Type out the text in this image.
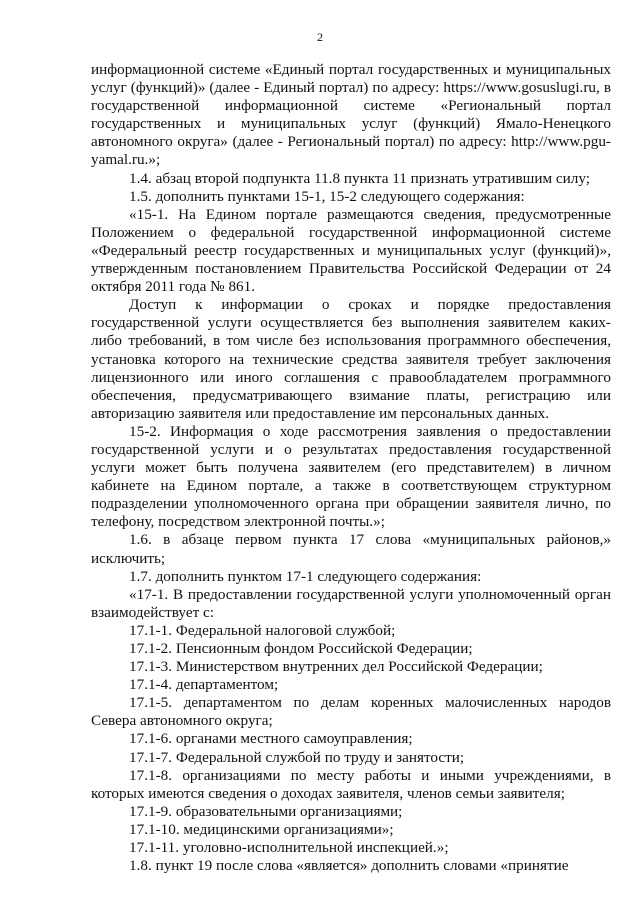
2

информационной системе «Единый портал государственных и муниципальных услуг (функций)» (далее - Единый портал) по адресу: https://www.gosuslugi.ru, в государственной информационной системе «Региональный портал государственных и муниципальных услуг (функций) Ямало-Ненецкого автономного округа» (далее - Региональный портал) по адресу: http://www.pgu-yamal.ru.»;

1.4. абзац второй подпункта 11.8 пункта 11 признать утратившим силу;

1.5. дополнить пунктами 15-1, 15-2 следующего содержания:

«15-1. На Едином портале размещаются сведения, предусмотренные Положением о федеральной государственной информационной системе «Федеральный реестр государственных и муниципальных услуг (функций)», утвержденным постановлением Правительства Российской Федерации от 24 октября 2011 года № 861.

Доступ к информации о сроках и порядке предоставления государственной услуги осуществляется без выполнения заявителем каких-либо требований, в том числе без использования программного обеспечения, установка которого на технические средства заявителя требует заключения лицензионного или иного соглашения с правообладателем программного обеспечения, предусматривающего взимание платы, регистрацию или авторизацию заявителя или предоставление им персональных данных.

15-2. Информация о ходе рассмотрения заявления о предоставлении государственной услуги и о результатах предоставления государственной услуги может быть получена заявителем (его представителем) в личном кабинете на Едином портале, а также в соответствующем структурном подразделении уполномоченного органа при обращении заявителя лично, по телефону, посредством электронной почты.»;

1.6. в абзаце первом пункта 17 слова «муниципальных районов,» исключить;

1.7. дополнить пунктом 17-1 следующего содержания:

«17-1. В предоставлении государственной услуги уполномоченный орган взаимодействует с:

17.1-1. Федеральной налоговой службой;

17.1-2. Пенсионным фондом Российской Федерации;

17.1-3. Министерством внутренних дел Российской Федерации;

17.1-4. департаментом;

17.1-5. департаментом по делам коренных малочисленных народов Севера автономного округа;

17.1-6. органами местного самоуправления;

17.1-7. Федеральной службой по труду и занятости;

17.1-8. организациями по месту работы и иными учреждениями, в которых имеются сведения о доходах заявителя, членов семьи заявителя;

17.1-9. образовательными организациями;

17.1-10. медицинскими организациями»;

17.1-11. уголовно-исполнительной инспекцией.»;

1.8. пункт 19 после слова «является» дополнить словами «принятие
